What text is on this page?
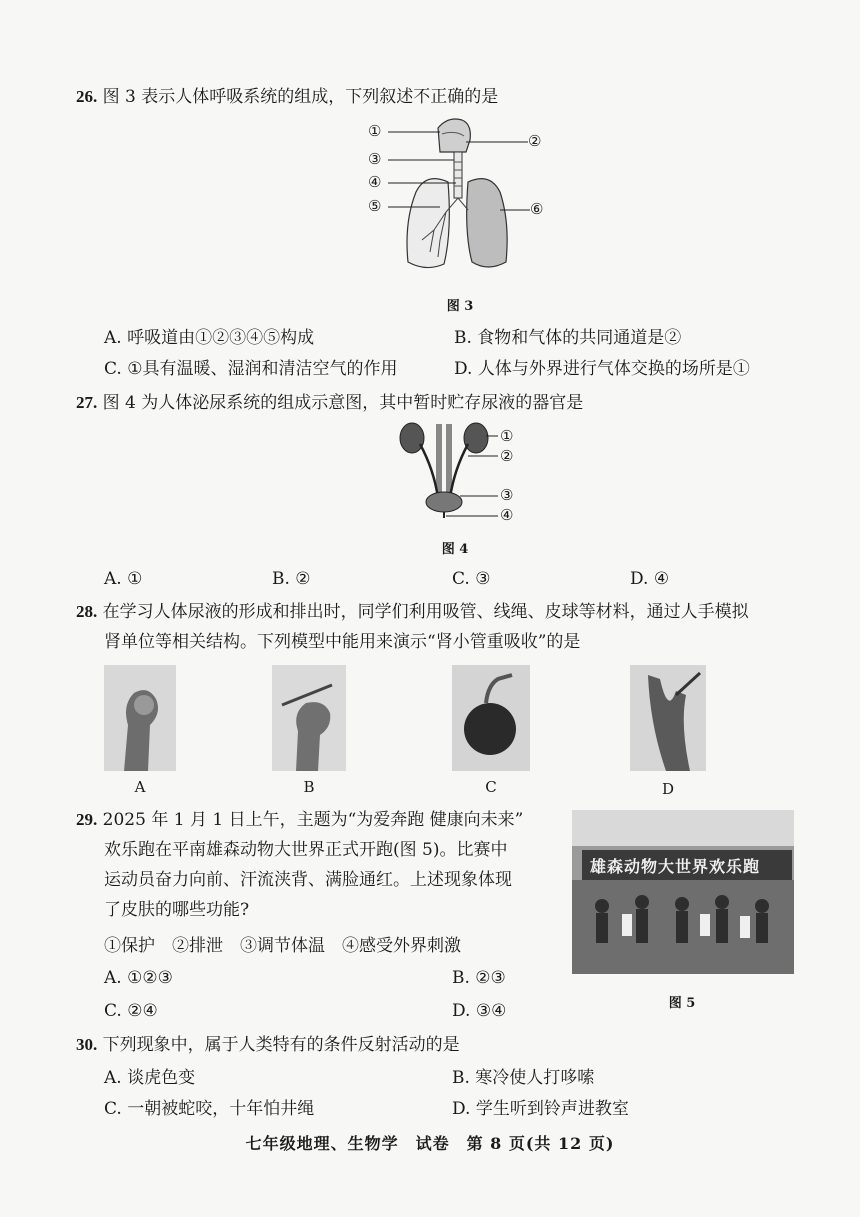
26. 图 3 表示人体呼吸系统的组成，下列叙述不正确的是
①
②
③
④
⑤	⑥
图 3
A. 呼吸道由①②③④⑤构成	B. 食物和气体的共同通道是②
C. ①具有温暖、湿润和清洁空气的作用	D. 人体与外界进行气体交换的场所是①
27. 图 4 为人体泌尿系统的组成示意图，其中暂时贮存尿液的器官是
①
②
③
④
图 4
A. ①	B. ②	C. ③	D. ④
28. 在学习人体尿液的形成和排出时，同学们利用吸管、线绳、皮球等材料，通过人手模拟
肾单位等相关结构。下列模型中能用来演示“肾小管重吸收”的是
A	B	C	D
29. 2025 年 1 月 1 日上午，主题为“为爱奔跑 健康向未来”
欢乐跑在平南雄森动物大世界正式开跑(图 5)。比赛中
运动员奋力向前、汗流浃背、满脸通红。上述现象体现
了皮肤的哪些功能?
①保护　②排泄　③调节体温　④感受外界刺激
A. ①②③	B. ②③
C. ②④	D. ③④
雄森动物大世界欢乐跑
图 5
30. 下列现象中，属于人类特有的条件反射活动的是
A. 谈虎色变	B. 寒冷使人打哆嗦
C. 一朝被蛇咬，十年怕井绳	D. 学生听到铃声进教室
七年级地理、生物学　试卷　第 8 页(共 12 页)
